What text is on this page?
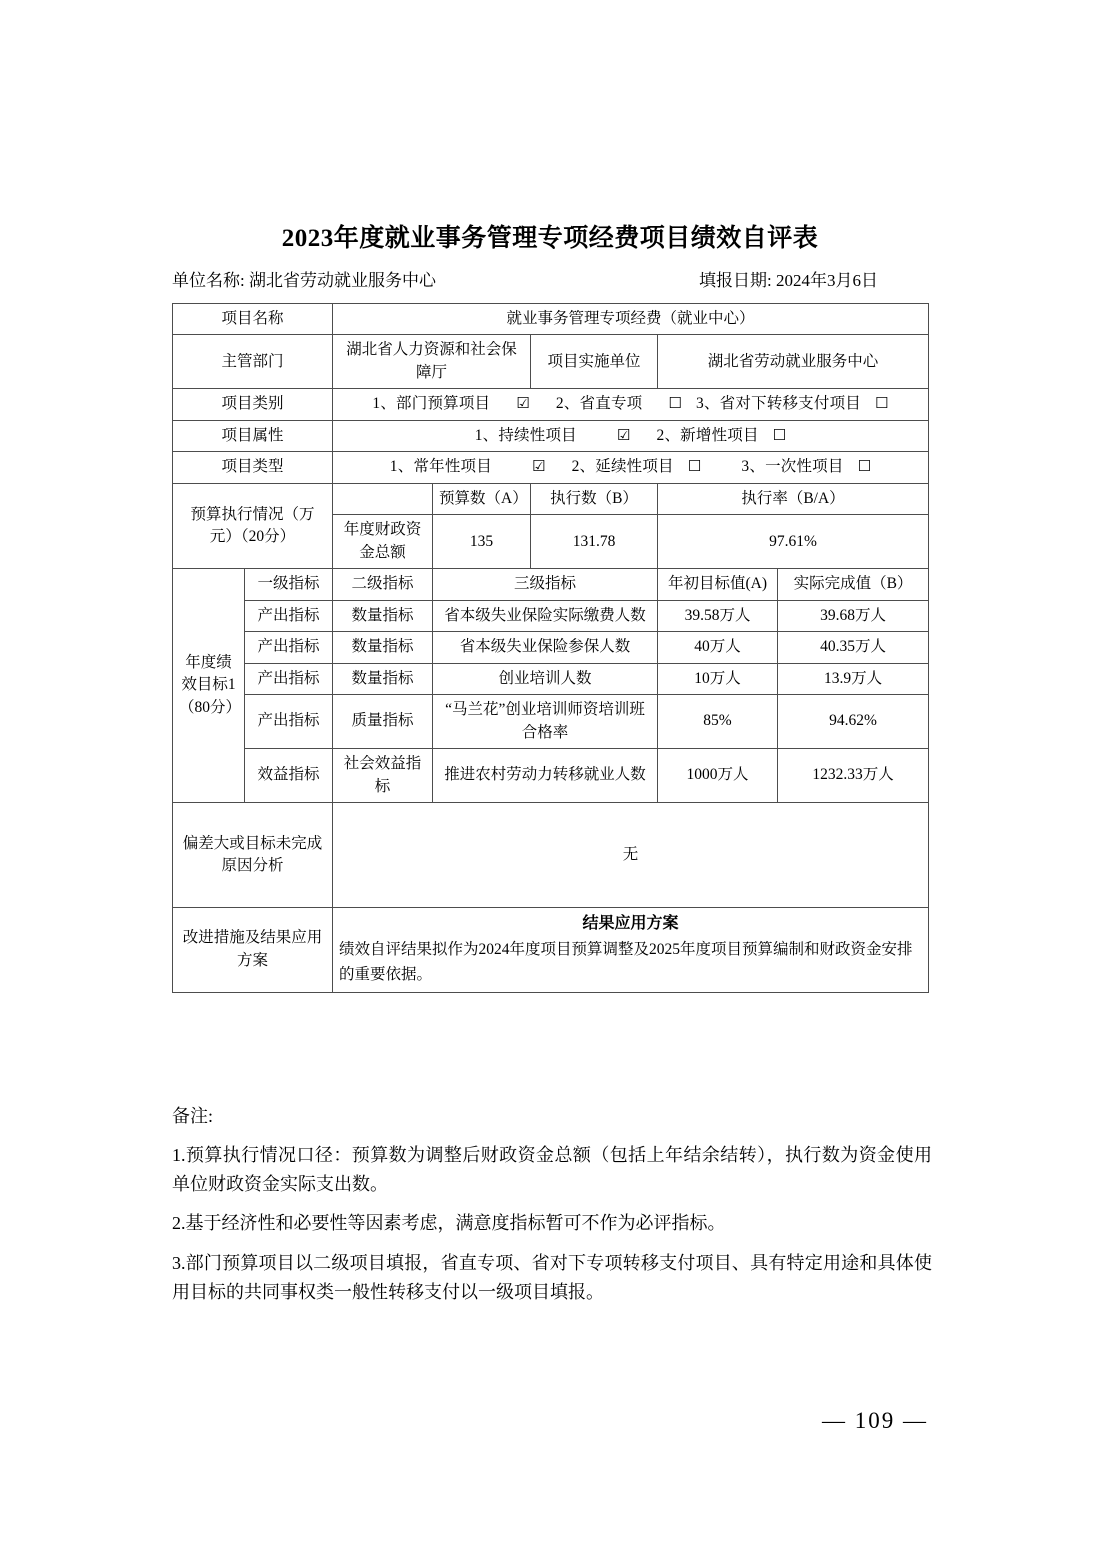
2023年度就业事务管理专项经费项目绩效自评表
单位名称: 湖北省劳动就业服务中心	填报日期: 2024年3月6日
项目名称		就业事务管理专项经费（就业中心）				
主管部门		湖北省人力资源和社会保障厅		项目实施单位	湖北省劳动就业服务中心	
项目类别		1、部门预算项目 ☑ 2、省直专项 ☐ 3、省对下转移支付项目 ☐				

项目属性		1、持续性项目 ☑ 2、新增性项目 ☐				

项目类型		1、常年性项目 ☑ 2、延续性项目 ☐ 3、一次性项目 ☐				

预算执行情况（万元）（20分）			预算数（A）	执行数（B）	执行率（B/A）	
		年度财政资金总额	135	131.78	97.61%	
年度绩效目标1（80分）	一级指标	二级指标	三级指标		年初目标值(A)	实际完成值（B）
	产出指标	数量指标	省本级失业保险实际缴费人数		39.58万人	39.68万人
	产出指标	数量指标	省本级失业保险参保人数		40万人	40.35万人
	产出指标	数量指标	创业培训人数		10万人	13.9万人
	产出指标	质量指标	“马兰花”创业培训师资培训班合格率		85%	94.62%
	效益指标	社会效益指标	推进农村劳动力转移就业人数		1000万人	1232.33万人
偏差大或目标未完成原因分析		无				
改进措施及结果应用方案		结果应用方案
绩效自评结果拟作为2024年度项目预算调整及2025年度项目预算编制和财政资金安排的重要依据。				

备注:

1.预算执行情况口径：预算数为调整后财政资金总额（包括上年结余结转），执行数为资金使用单位财政资金实际支出数。

2.基于经济性和必要性等因素考虑，满意度指标暂可不作为必评指标。

3.部门预算项目以二级项目填报，省直专项、省对下专项转移支付项目、具有特定用途和具体使用目标的共同事权类一般性转移支付以一级项目填报。

— 109 —
